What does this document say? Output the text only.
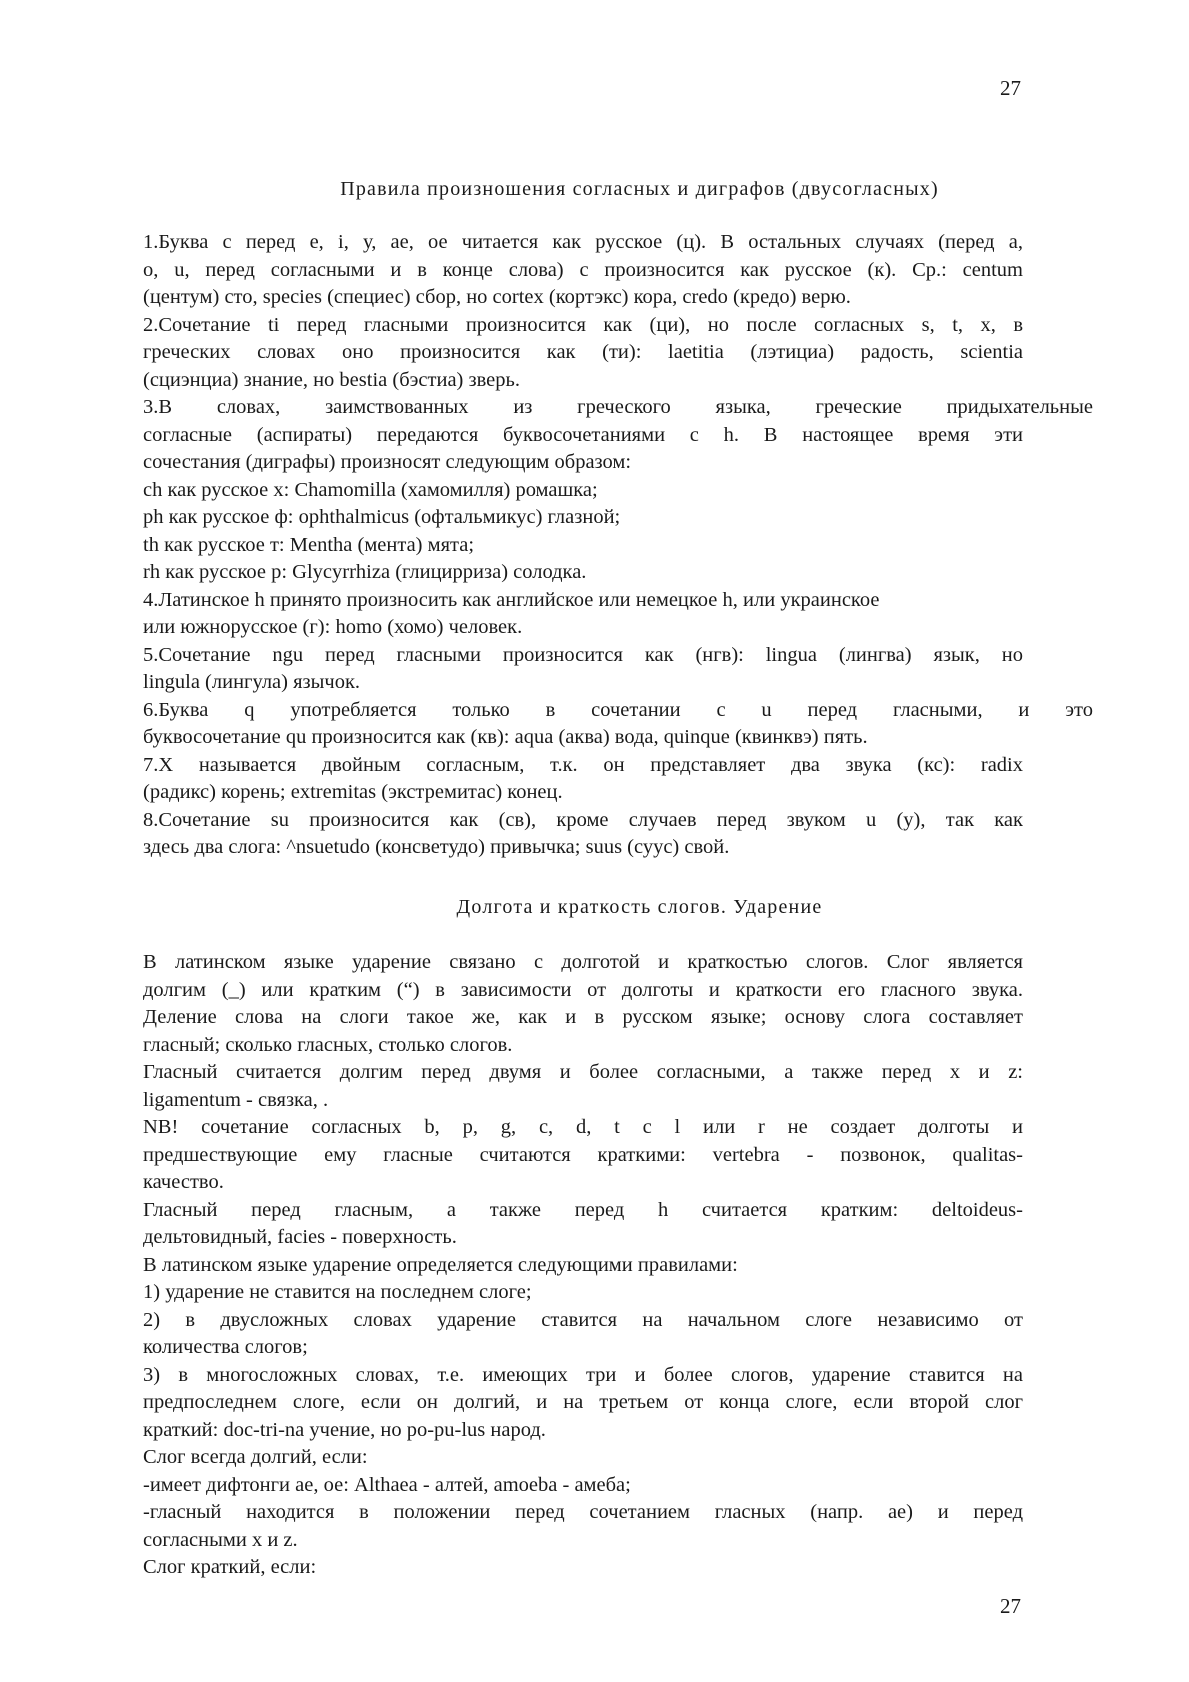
27
Правила произношения согласных и диграфов (двусогласных)
1.Буква с перед е, i, у, ае, ое читается как русское (ц). В остальных случаях (перед а,
о, u, перед согласными и в конце слова) с произносится как русское (к). Ср.: centum
(центум) сто, species (специес) сбор, но cortex (кортэкс) кора, credo (кредо) верю.
2.Сочетание ti перед гласными произносится как (ци), но после согласных s, t, x, в
греческих словах оно произносится как (ти): laetitia (лэтициа) радость, scientia
(сциэнциа) знание, но bestia (бэстиа) зверь.
3.В словах, заимствованных из греческого языка, греческие придыхательные
согласные (аспираты) передаются буквосочетаниями с h. В настоящее время эти
сочестания (диграфы) произносят следующим образом:
ch как русское х: Chamomilla (хамомилля) ромашка;
ph как русское ф: ophthalmicus (офтальмикус) глазной;
th как русское т: Mentha (мента) мята;
rh как русское р: Glycyrrhiza (глицирриза) солодка.
4.Латинское h принято произносить как английское или немецкое h, или украинское
или южнорусское (г): homo (хомо) человек.
5.Сочетание ngu перед гласными произносится как (нгв): lingua (лингва) язык, но
lingula (лингула) язычок.
6.Буква q употребляется только в сочетании с u перед гласными, и это
буквосочетание qu произносится как (кв): aqua (аква) вода, quinque (квинквэ) пять.
7.Х называется двойным согласным, т.к. он представляет два звука (кс): radix
(радикс) корень; extremitas (экстремитас) конец.
8.Сочетание su произносится как (св), кроме случаев перед звуком u (у), так как
здесь два слога: ^nsuetudo (консветудо) привычка; suus (суус) свой.
Долгота и краткость слогов. Ударение
В латинском языке ударение связано с долготой и краткостью слогов. Слог является
долгим (_) или кратким (“) в зависимости от долготы и краткости его гласного звука.
Деление слова на слоги такое же, как и в русском языке; основу слога составляет
гласный; сколько гласных, столько слогов.
Гласный считается долгим перед двумя и более согласными, а также перед x и z:
ligamentum - связка, .
NB! сочетание согласных b, p, g, c, d, t с l или r не создает долготы и
предшествующие ему гласные считаются краткими: vertebra - позвонок, qualitas-
качество.
Гласный перед гласным, а также перед h считается кратким: deltoideus-
дельтовидный, facies - поверхность.
В латинском языке ударение определяется следующими правилами:
1) ударение не ставится на последнем слоге;
2) в двусложных словах ударение ставится на начальном слоге независимо от
количества слогов;
3) в многосложных словах, т.е. имеющих три и более слогов, ударение ставится на
предпоследнем слоге, если он долгий, и на третьем от конца слоге, если второй слог
краткий: doc-tri-na учение, но po-pu-lus народ.
Слог всегда долгий, если:
-имеет дифтонги ае, ое: Althaea - алтей, amoeba - амеба;
-гласный находится в положении перед сочетанием гласных (напр. ae) и перед
согласными х и z.
Слог краткий, если:
27
